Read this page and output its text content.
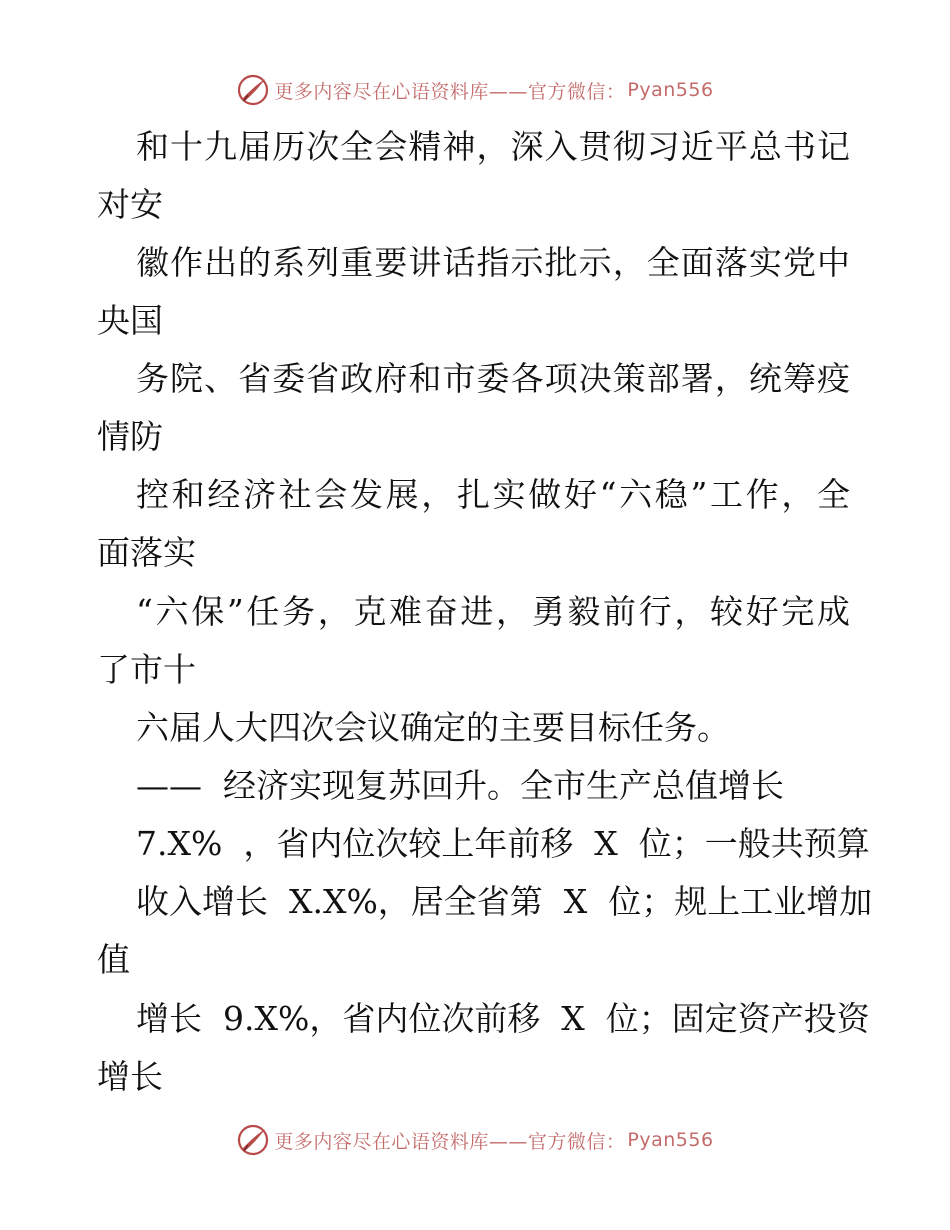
更多内容尽在心语资料库——官方微信： Pyan556
和十九届历次全会精神，深入贯彻习近平总书记
对安
徽作出的系列重要讲话指示批示，全面落实党中
央国
务院、省委省政府和市委各项决策部署，统筹疫
情防
控和经济社会发展，扎实做好“六稳”工作，全
面落实
“六保”任务，克难奋进，勇毅前行，较好完成
了市十
六届人大四次会议确定的主要目标任务。
——  经济实现复苏回升。全市生产总值增长
7.X%  ，省内位次较上年前移  X  位；一般共预算
收入增长  X.X%，居全省第  X  位；规上工业增加
值
增长  9.X%，省内位次前移  X  位；固定资产投资
增长
更多内容尽在心语资料库——官方微信： Pyan556
